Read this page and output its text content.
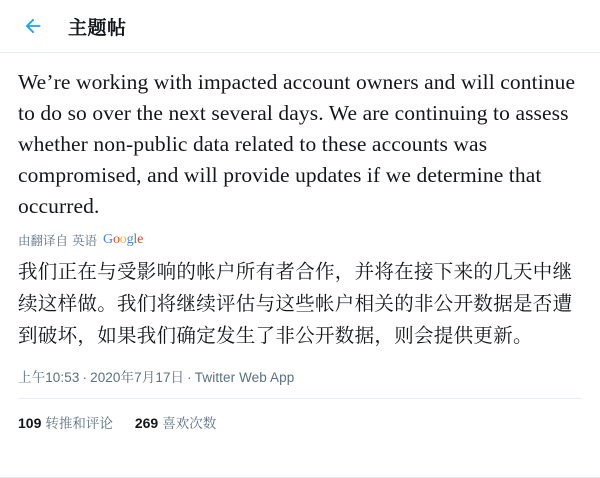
主题帖
We’re working with impacted account owners and will continue to do so over the next several days. We are continuing to assess whether non-public data related to these accounts was compromised, and will provide updates if we determine that occurred.
由翻译自 英语 Google
我们正在与受影响的帐户所有者合作，并将在接下来的几天中继续这样做。我们将继续评估与这些帐户相关的非公开数据是否遭到破坏，如果我们确定发生了非公开数据，则会提供更新。
上午10:53 · 2020年7月17日 · Twitter Web App
109 转推和评论 269 喜欢次数
